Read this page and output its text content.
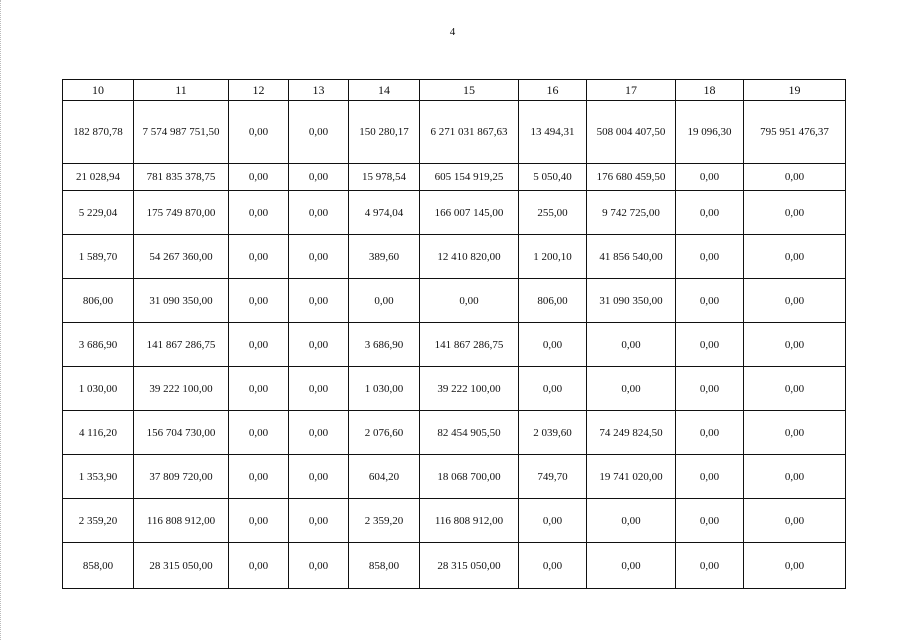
4
10	11	12	13	14	15	16	17	18	19
182 870,78	7 574 987 751,50	0,00	0,00	150 280,17	6 271 031 867,63	13 494,31	508 004 407,50	19 096,30	795 951 476,37
21 028,94	781 835 378,75	0,00	0,00	15 978,54	605 154 919,25	5 050,40	176 680 459,50	0,00	0,00
5 229,04	175 749 870,00	0,00	0,00	4 974,04	166 007 145,00	255,00	9 742 725,00	0,00	0,00
1 589,70	54 267 360,00	0,00	0,00	389,60	12 410 820,00	1 200,10	41 856 540,00	0,00	0,00
806,00	31 090 350,00	0,00	0,00	0,00	0,00	806,00	31 090 350,00	0,00	0,00
3 686,90	141 867 286,75	0,00	0,00	3 686,90	141 867 286,75	0,00	0,00	0,00	0,00
1 030,00	39 222 100,00	0,00	0,00	1 030,00	39 222 100,00	0,00	0,00	0,00	0,00
4 116,20	156 704 730,00	0,00	0,00	2 076,60	82 454 905,50	2 039,60	74 249 824,50	0,00	0,00
1 353,90	37 809 720,00	0,00	0,00	604,20	18 068 700,00	749,70	19 741 020,00	0,00	0,00
2 359,20	116 808 912,00	0,00	0,00	2 359,20	116 808 912,00	0,00	0,00	0,00	0,00
858,00	28 315 050,00	0,00	0,00	858,00	28 315 050,00	0,00	0,00	0,00	0,00
